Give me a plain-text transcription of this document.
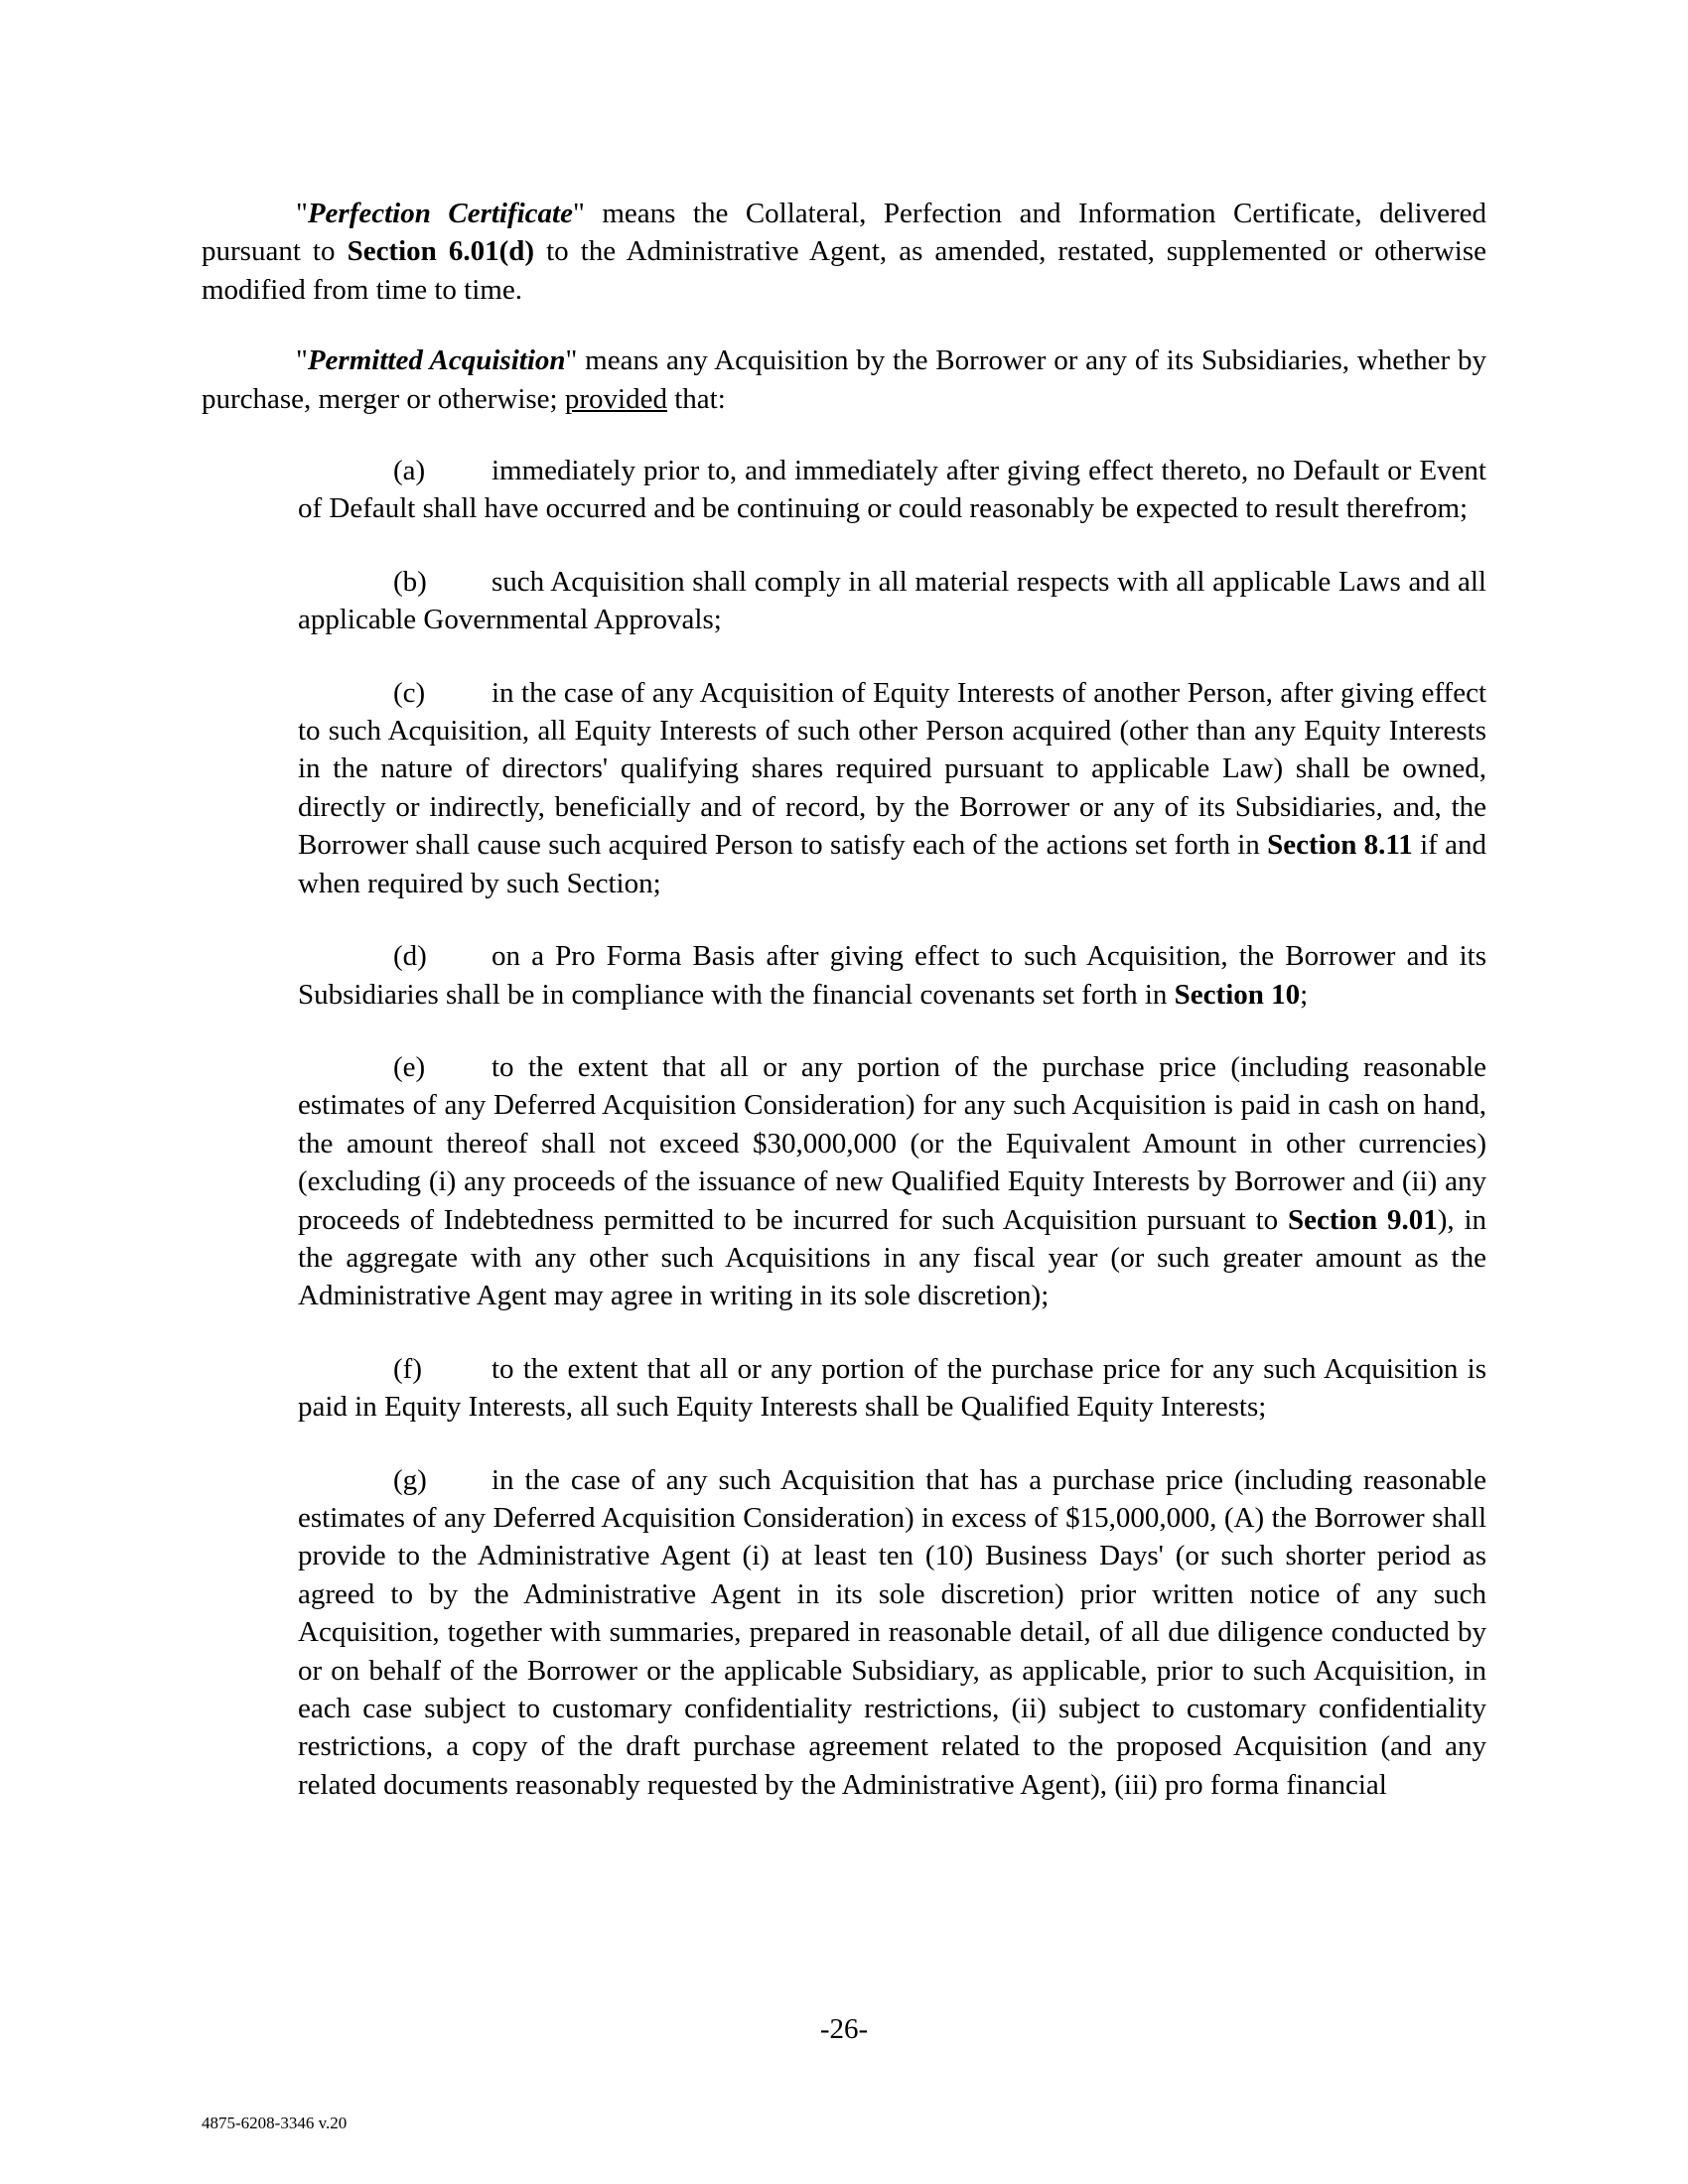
"Perfection Certificate" means the Collateral, Perfection and Information Certificate, delivered pursuant to Section 6.01(d) to the Administrative Agent, as amended, restated, supplemented or otherwise modified from time to time.

"Permitted Acquisition" means any Acquisition by the Borrower or any of its Subsidiaries, whether by purchase, merger or otherwise; provided that:

(a) immediately prior to, and immediately after giving effect thereto, no Default or Event of Default shall have occurred and be continuing or could reasonably be expected to result therefrom;

(b) such Acquisition shall comply in all material respects with all applicable Laws and all applicable Governmental Approvals;

(c) in the case of any Acquisition of Equity Interests of another Person, after giving effect to such Acquisition, all Equity Interests of such other Person acquired (other than any Equity Interests in the nature of directors' qualifying shares required pursuant to applicable Law) shall be owned, directly or indirectly, beneficially and of record, by the Borrower or any of its Subsidiaries, and, the Borrower shall cause such acquired Person to satisfy each of the actions set forth in Section 8.11 if and when required by such Section;

(d) on a Pro Forma Basis after giving effect to such Acquisition, the Borrower and its Subsidiaries shall be in compliance with the financial covenants set forth in Section 10;

(e) to the extent that all or any portion of the purchase price (including reasonable estimates of any Deferred Acquisition Consideration) for any such Acquisition is paid in cash on hand, the amount thereof shall not exceed $30,000,000 (or the Equivalent Amount in other currencies) (excluding (i) any proceeds of the issuance of new Qualified Equity Interests by Borrower and (ii) any proceeds of Indebtedness permitted to be incurred for such Acquisition pursuant to Section 9.01), in the aggregate with any other such Acquisitions in any fiscal year (or such greater amount as the Administrative Agent may agree in writing in its sole discretion);

(f) to the extent that all or any portion of the purchase price for any such Acquisition is paid in Equity Interests, all such Equity Interests shall be Qualified Equity Interests;

(g) in the case of any such Acquisition that has a purchase price (including reasonable estimates of any Deferred Acquisition Consideration) in excess of $15,000,000, (A) the Borrower shall provide to the Administrative Agent (i) at least ten (10) Business Days' (or such shorter period as agreed to by the Administrative Agent in its sole discretion) prior written notice of any such Acquisition, together with summaries, prepared in reasonable detail, of all due diligence conducted by or on behalf of the Borrower or the applicable Subsidiary, as applicable, prior to such Acquisition, in each case subject to customary confidentiality restrictions, (ii) subject to customary confidentiality restrictions, a copy of the draft purchase agreement related to the proposed Acquisition (and any related documents reasonably requested by the Administrative Agent), (iii) pro forma financial

-26-
4875-6208-3346 v.20
